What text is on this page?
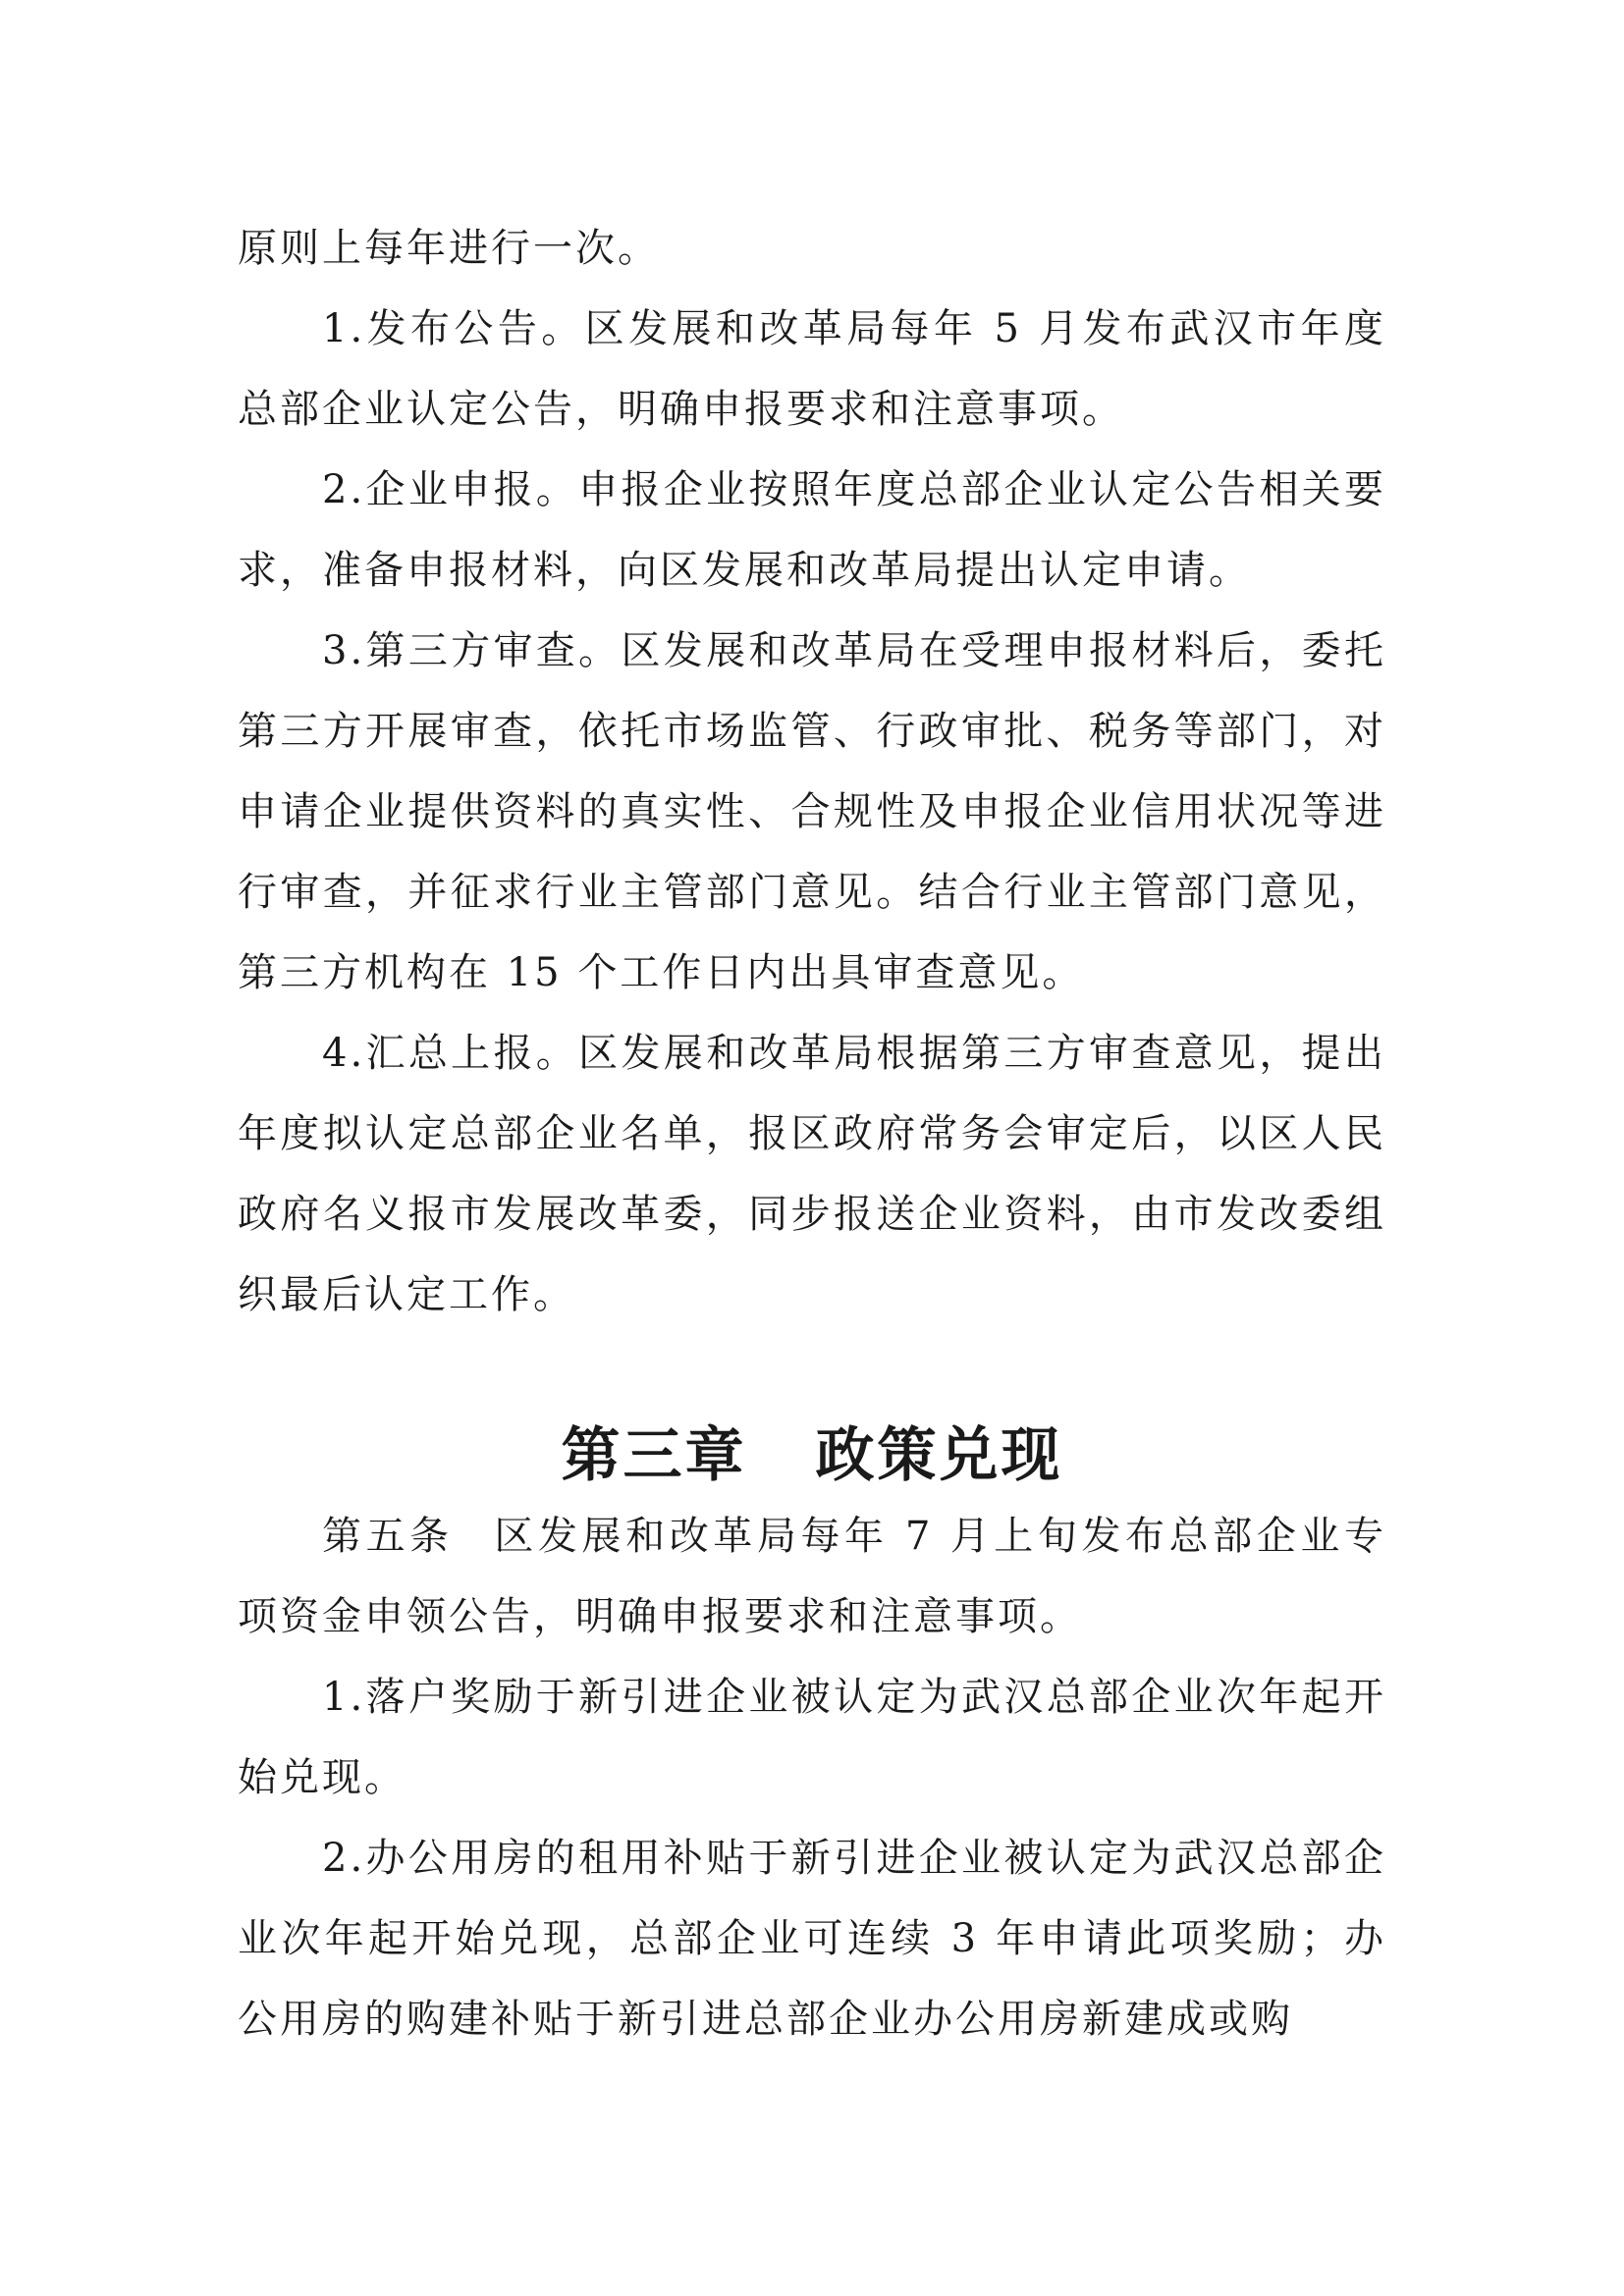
原则上每年进行一次。

1.发布公告。区发展和改革局每年 5 月发布武汉市年度总部企业认定公告，明确申报要求和注意事项。

2.企业申报。申报企业按照年度总部企业认定公告相关要求，准备申报材料，向区发展和改革局提出认定申请。

3.第三方审查。区发展和改革局在受理申报材料后，委托第三方开展审查，依托市场监管、行政审批、税务等部门，对申请企业提供资料的真实性、合规性及申报企业信用状况等进行审查，并征求行业主管部门意见。结合行业主管部门意见，第三方机构在 15 个工作日内出具审查意见。

4.汇总上报。区发展和改革局根据第三方审查意见，提出年度拟认定总部企业名单，报区政府常务会审定后，以区人民政府名义报市发展改革委，同步报送企业资料，由市发改委组织最后认定工作。

第三章 政策兑现

第五条 区发展和改革局每年 7 月上旬发布总部企业专项资金申领公告，明确申报要求和注意事项。

1.落户奖励于新引进企业被认定为武汉总部企业次年起开始兑现。

2.办公用房的租用补贴于新引进企业被认定为武汉总部企业次年起开始兑现，总部企业可连续 3 年申请此项奖励；办公用房的购建补贴于新引进总部企业办公用房新建成或购
